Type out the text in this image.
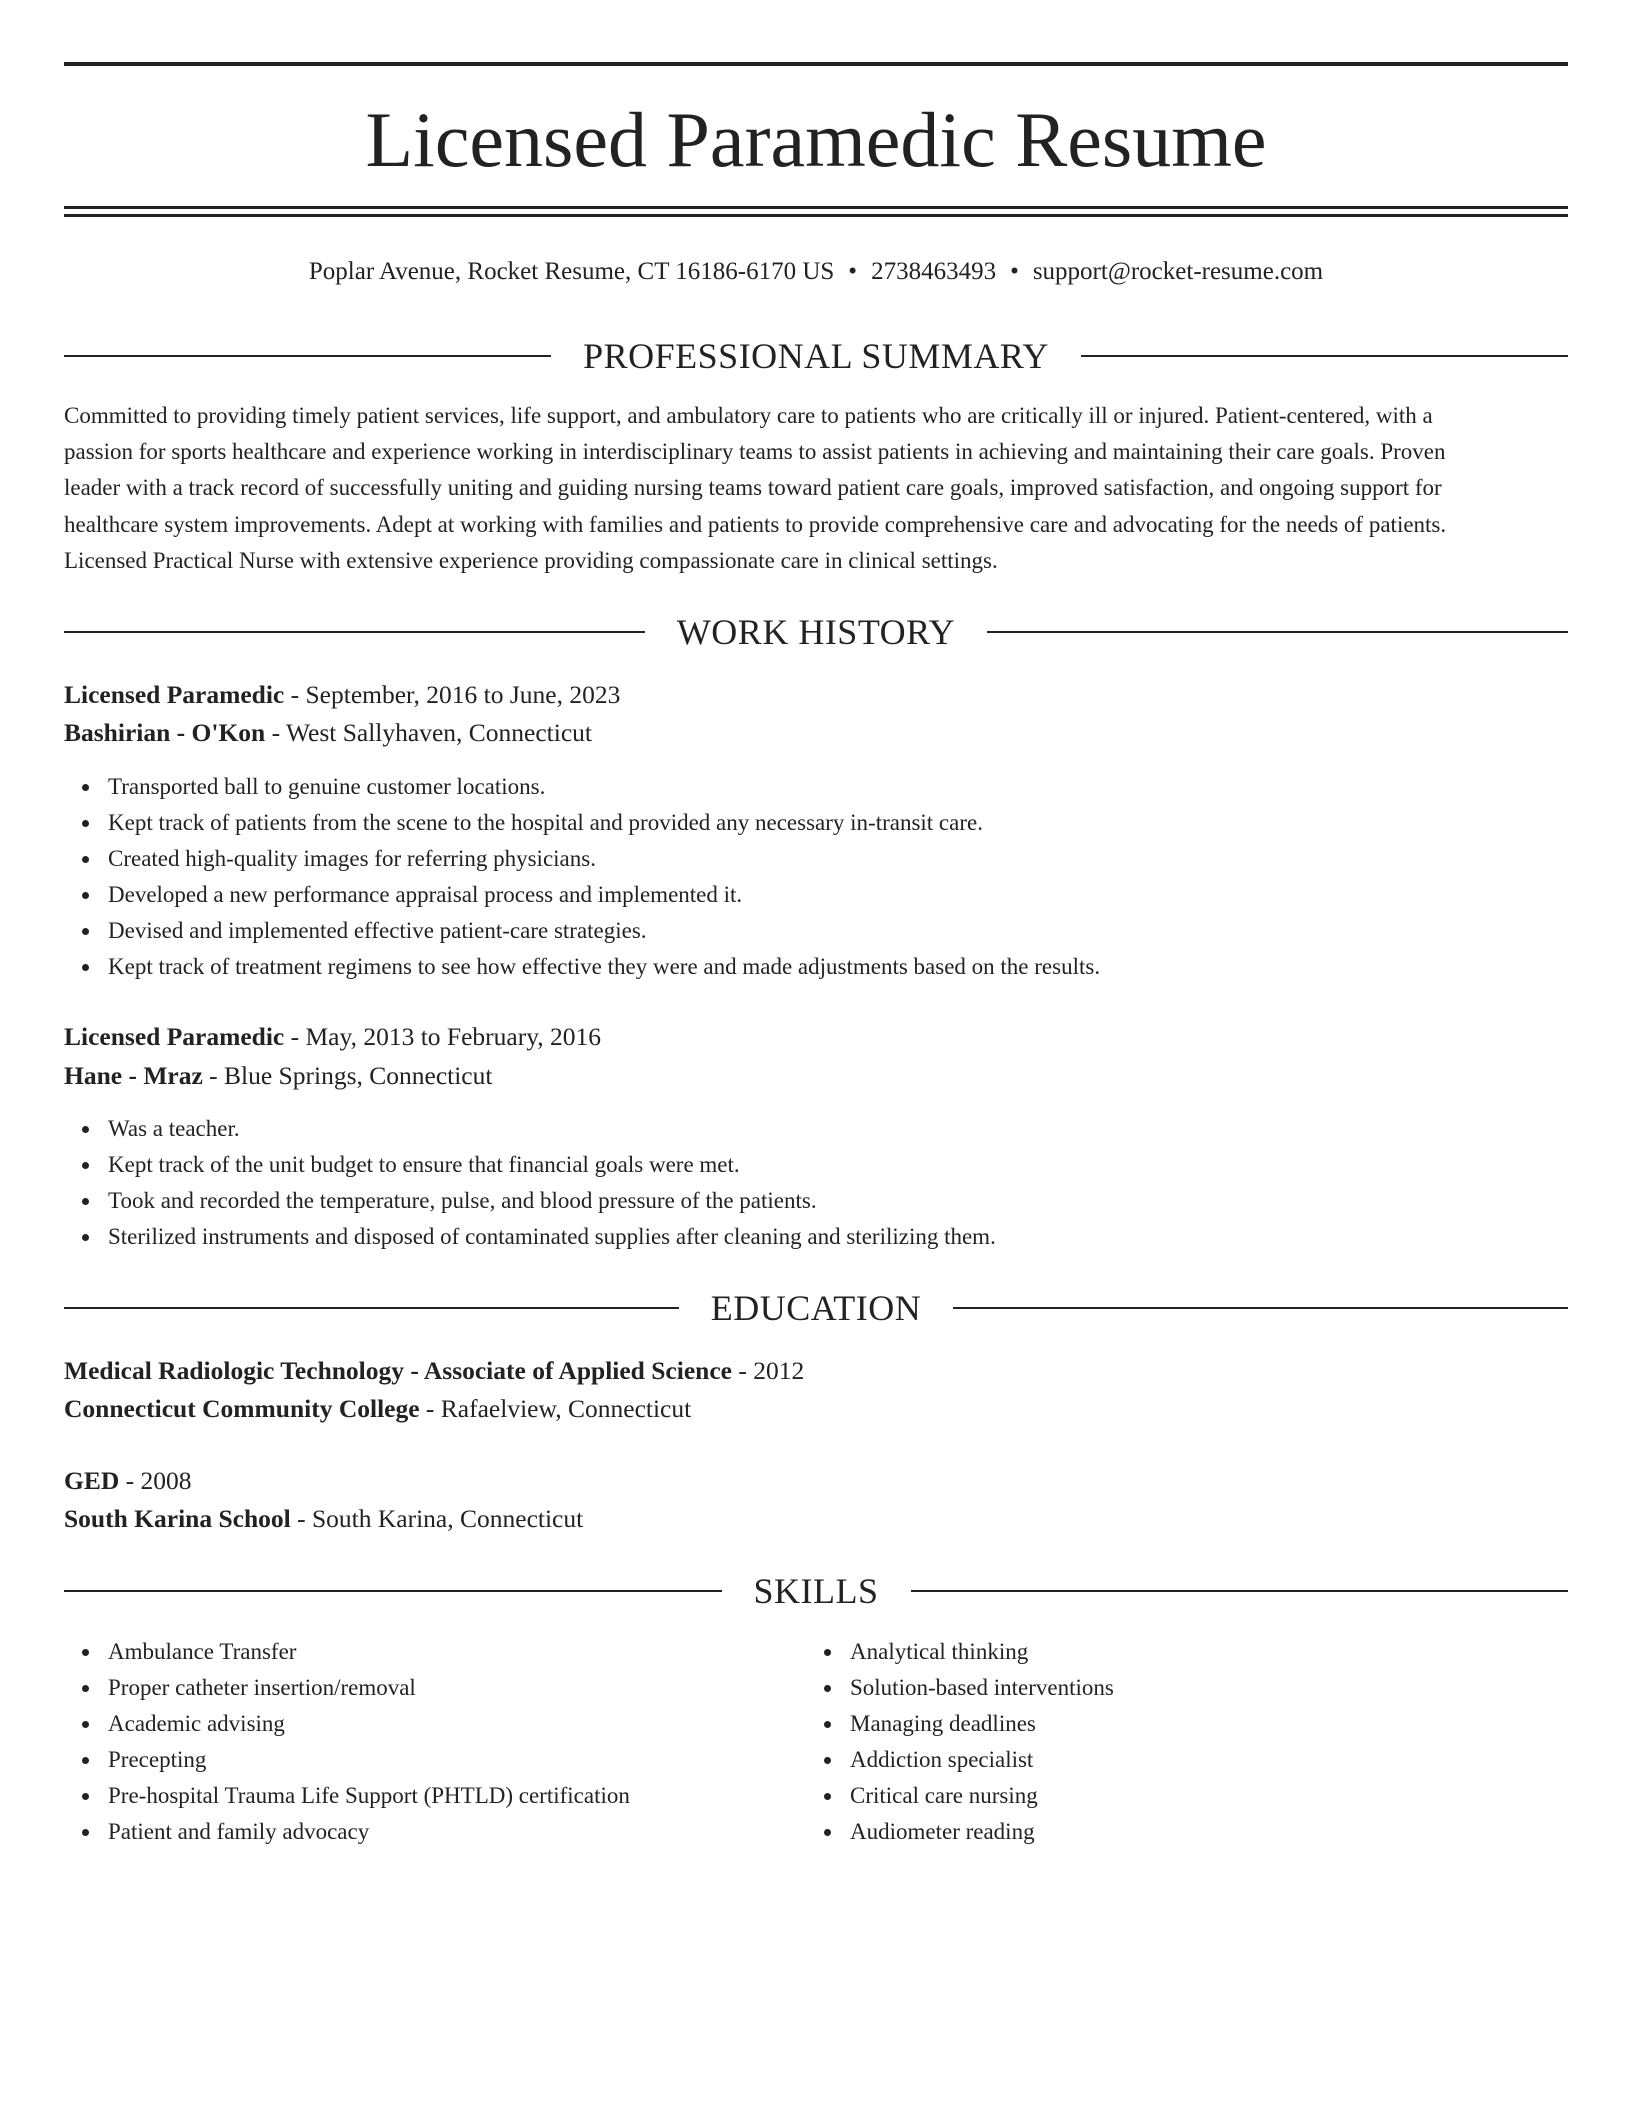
Licensed Paramedic Resume
Poplar Avenue, Rocket Resume, CT 16186-6170 US • 2738463493 • support@rocket-resume.com
PROFESSIONAL SUMMARY
Committed to providing timely patient services, life support, and ambulatory care to patients who are critically ill or injured. Patient-centered, with a
passion for sports healthcare and experience working in interdisciplinary teams to assist patients in achieving and maintaining their care goals. Proven
leader with a track record of successfully uniting and guiding nursing teams toward patient care goals, improved satisfaction, and ongoing support for
healthcare system improvements. Adept at working with families and patients to provide comprehensive care and advocating for the needs of patients.
Licensed Practical Nurse with extensive experience providing compassionate care in clinical settings.
WORK HISTORY
Licensed Paramedic - September, 2016 to June, 2023
Bashirian - O'Kon - West Sallyhaven, Connecticut
Transported ball to genuine customer locations.
Kept track of patients from the scene to the hospital and provided any necessary in-transit care.
Created high-quality images for referring physicians.
Developed a new performance appraisal process and implemented it.
Devised and implemented effective patient-care strategies.
Kept track of treatment regimens to see how effective they were and made adjustments based on the results.
Licensed Paramedic - May, 2013 to February, 2016
Hane - Mraz - Blue Springs, Connecticut
Was a teacher.
Kept track of the unit budget to ensure that financial goals were met.
Took and recorded the temperature, pulse, and blood pressure of the patients.
Sterilized instruments and disposed of contaminated supplies after cleaning and sterilizing them.
EDUCATION
Medical Radiologic Technology - Associate of Applied Science - 2012
Connecticut Community College - Rafaelview, Connecticut
GED - 2008
South Karina School - South Karina, Connecticut
SKILLS
Ambulance Transfer
Proper catheter insertion/removal
Academic advising
Precepting
Pre-hospital Trauma Life Support (PHTLD) certification
Patient and family advocacy
Analytical thinking
Solution-based interventions
Managing deadlines
Addiction specialist
Critical care nursing
Audiometer reading
